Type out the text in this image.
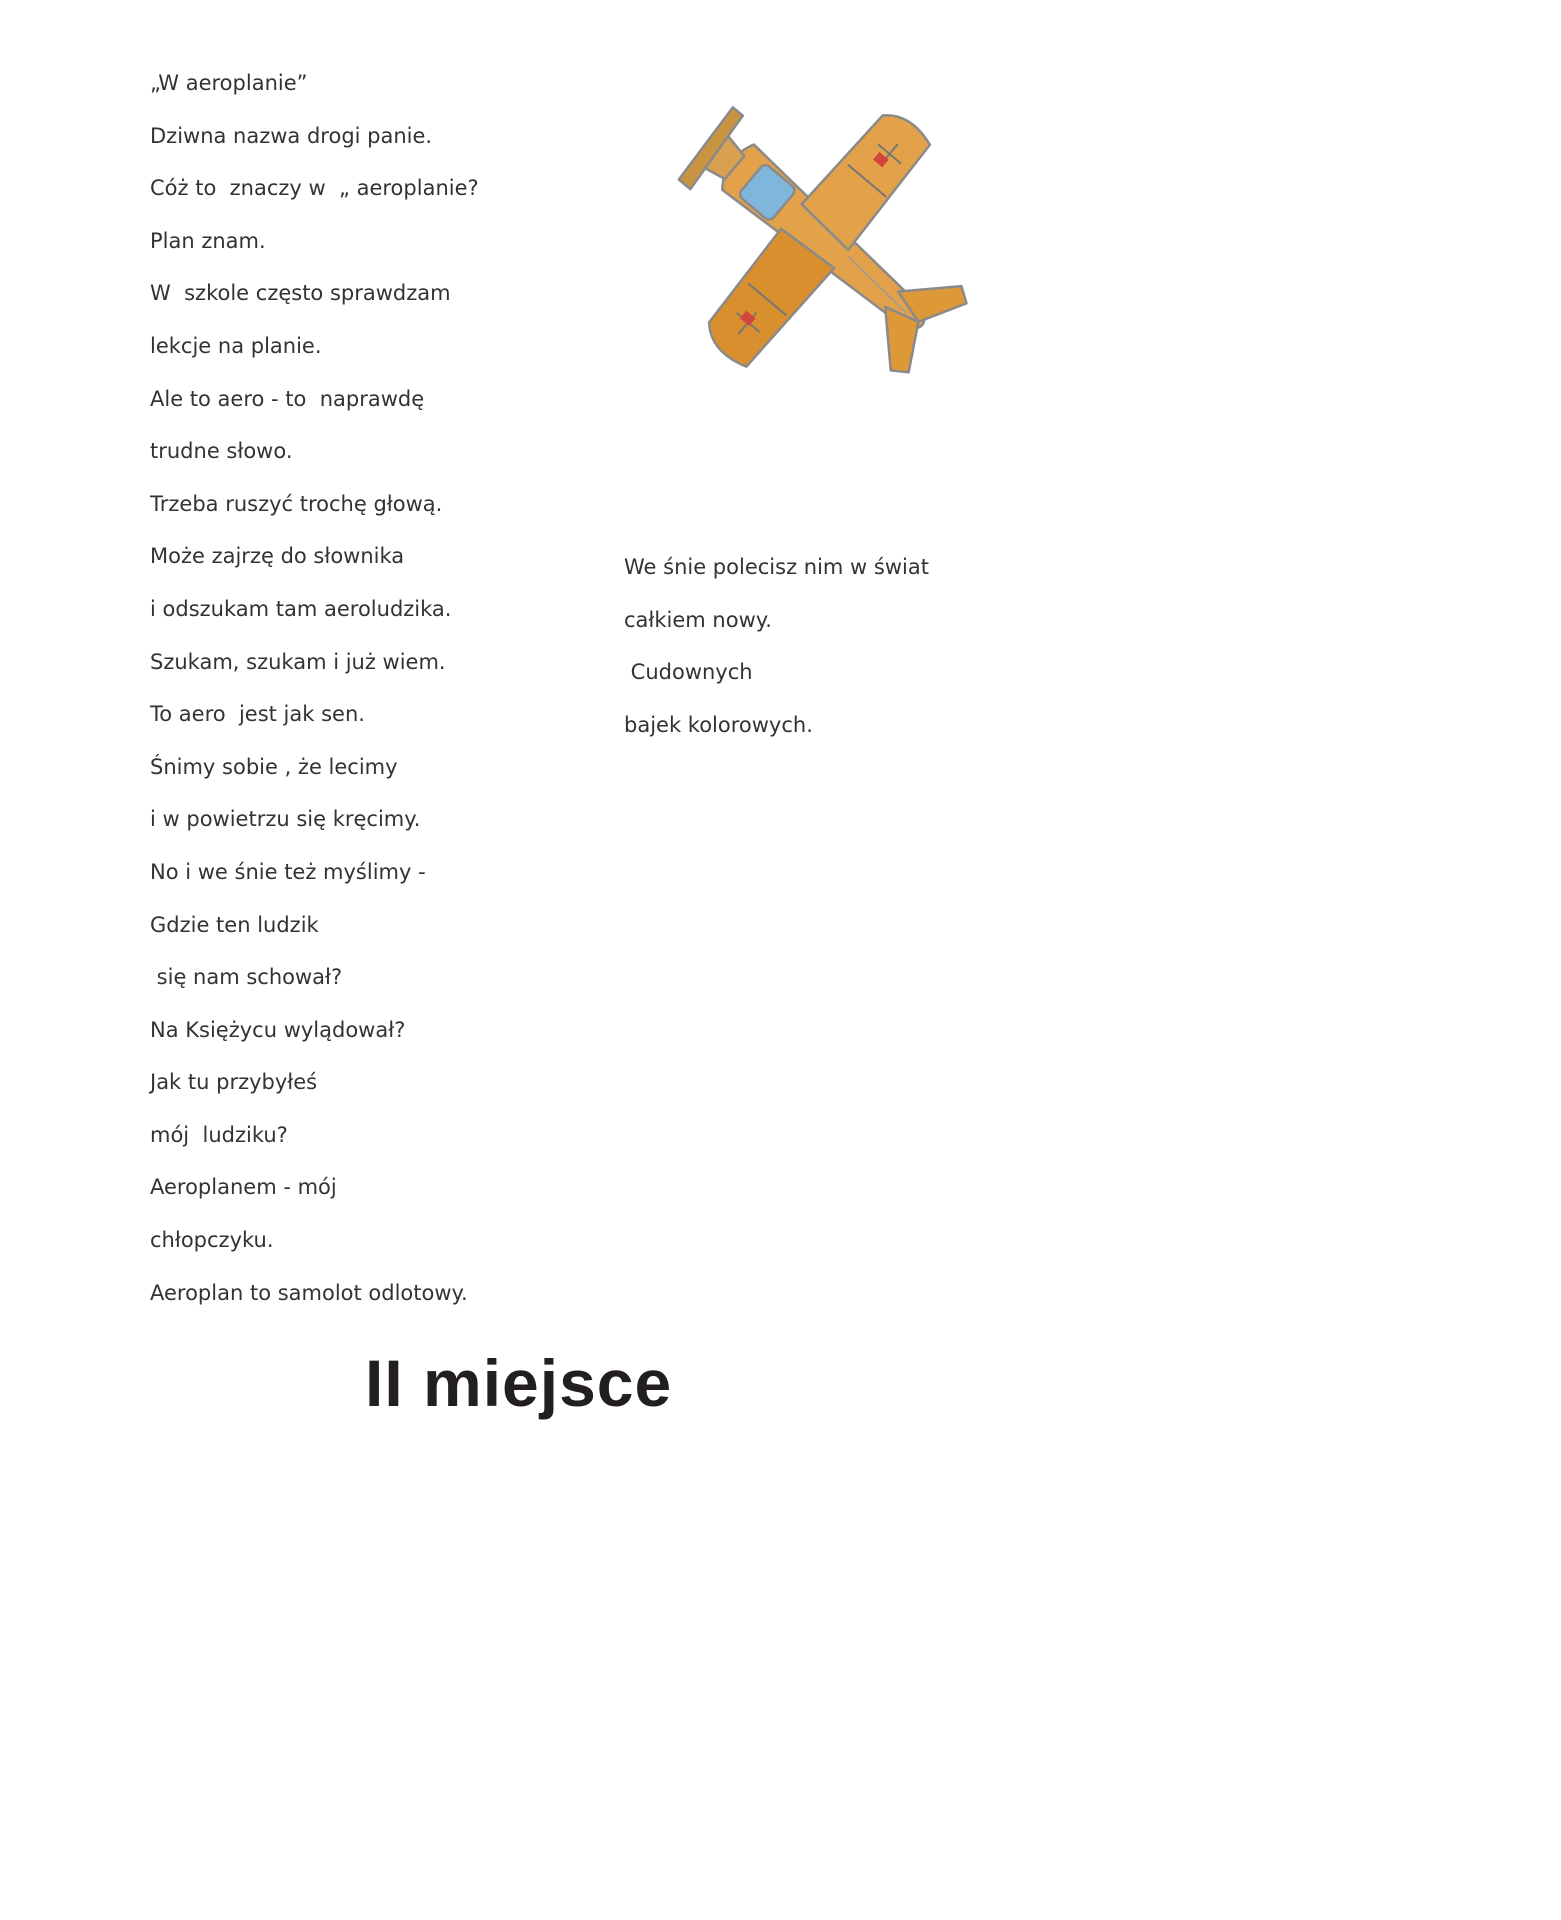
„W aeroplanie”
Dziwna nazwa drogi panie.
Cóż to  znaczy w  „ aeroplanie?
Plan znam.
W  szkole często sprawdzam
lekcje na planie.
Ale to aero - to  naprawdę
trudne słowo.
Trzeba ruszyć trochę głową.
Może zajrzę do słownika
i odszukam tam aeroludzika.
Szukam, szukam i już wiem.
To aero  jest jak sen.
Śnimy sobie , że lecimy
i w powietrzu się kręcimy.
No i we śnie też myślimy -
Gdzie ten ludzik
się nam schował?
Na Księżycu wylądował?
Jak tu przybyłeś
mój  ludziku?
Aeroplanem - mój
chłopczyku.
Aeroplan to samolot odlotowy.
We śnie polecisz nim w świat
całkiem nowy.
Cudownych
bajek kolorowych.
II miejsce
